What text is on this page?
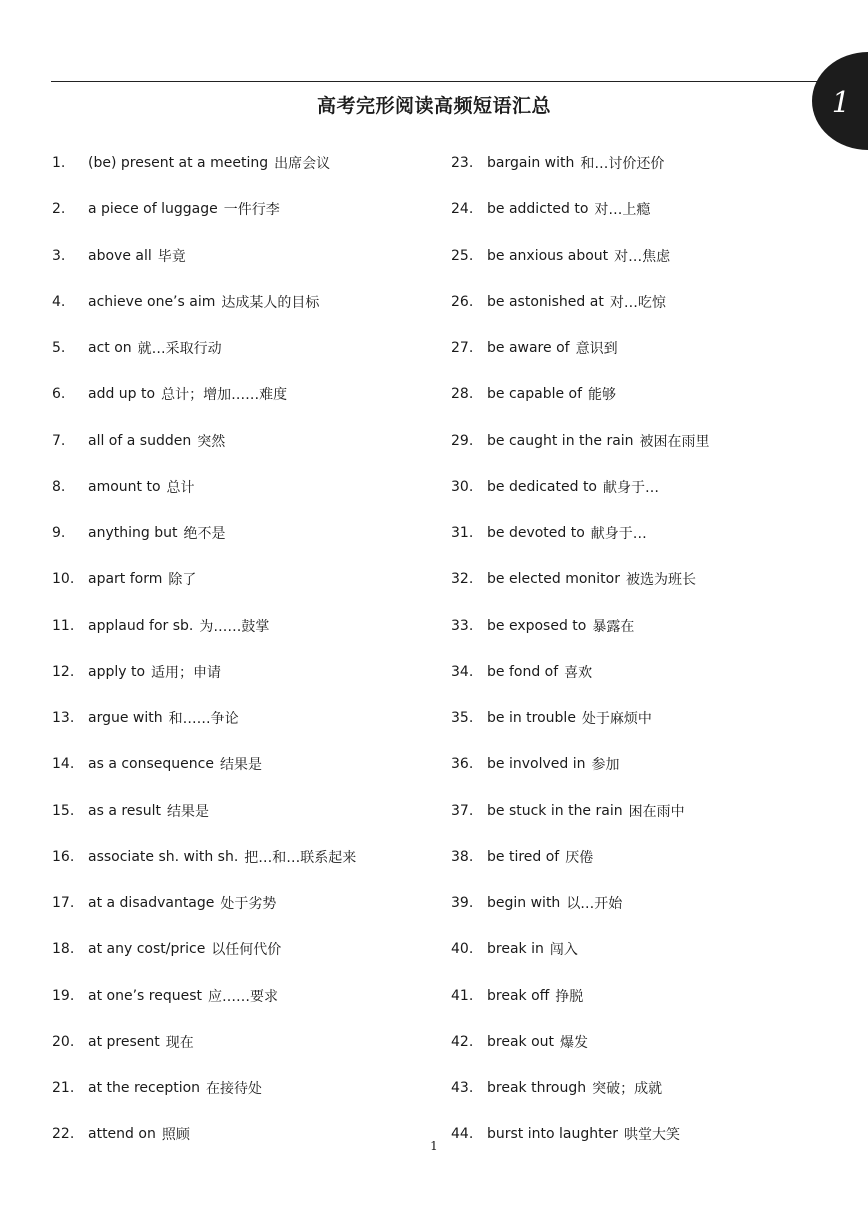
1
高考完形阅读高频短语汇总
1.	(be) present at a meeting 出席会议
2.	a piece of luggage 一件行李
3.	above all 毕竟
4.	achieve one’s aim 达成某人的目标
5.	act on 就…采取行动
6.	add up to 总计；增加……难度
7.	all of a sudden 突然
8.	amount to 总计
9.	anything but 绝不是
10. apart form 除了
11. applaud for sb. 为……鼓掌
12. apply to 适用；申请
13. argue with 和……争论
14. as a consequence 结果是
15. as a result 结果是
16. associate sh. with sh. 把…和…联系起来
17. at a disadvantage 处于劣势
18. at any cost/price 以任何代价
19. at one’s request 应……要求
20. at present 现在
21. at the reception 在接待处
22. attend on 照顾
23. bargain with 和…讨价还价
24. be addicted to 对…上瘾
25. be anxious about 对…焦虑
26. be astonished at 对…吃惊
27. be aware of 意识到
28. be capable of 能够
29. be caught in the rain 被困在雨里
30. be dedicated to 献身于…
31. be devoted to 献身于…
32. be elected monitor 被选为班长
33. be exposed to 暴露在
34. be fond of 喜欢
35. be in trouble 处于麻烦中
36. be involved in 参加
37. be stuck in the rain 困在雨中
38. be tired of 厌倦
39. begin with 以…开始
40. break in 闯入
41. break off 挣脱
42. break out 爆发
43. break through 突破；成就
44. burst into laughter 哄堂大笑
1
